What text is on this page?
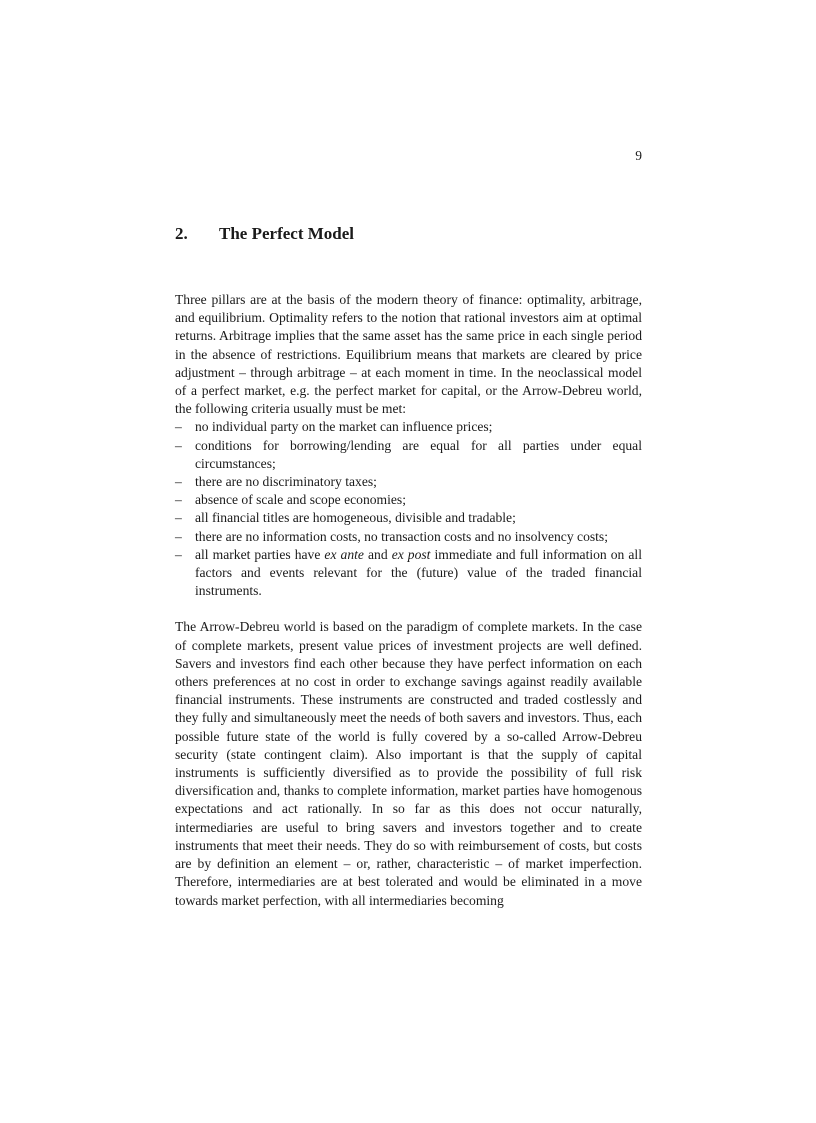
9
2. The Perfect Model

Three pillars are at the basis of the modern theory of finance: optimality, arbitrage, and equilibrium. Optimality refers to the notion that rational investors aim at optimal returns. Arbitrage implies that the same asset has the same price in each single period in the absence of restrictions. Equilibrium means that markets are cleared by price adjustment – through arbitrage – at each moment in time. In the neoclassical model of a perfect market, e.g. the perfect market for capital, or the Arrow-Debreu world, the following criteria usually must be met:

– no individual party on the market can influence prices;
– conditions for borrowing/lending are equal for all parties under equal circumstances;
– there are no discriminatory taxes;
– absence of scale and scope economies;
– all financial titles are homogeneous, divisible and tradable;
– there are no information costs, no transaction costs and no insolvency costs;
– all market parties have ex ante and ex post immediate and full information on all factors and events relevant for the (future) value of the traded financial instruments.

The Arrow-Debreu world is based on the paradigm of complete markets. In the case of complete markets, present value prices of investment projects are well defined. Savers and investors find each other because they have perfect information on each others preferences at no cost in order to exchange savings against readily available financial instruments. These instruments are constructed and traded costlessly and they fully and simultaneously meet the needs of both savers and investors. Thus, each possible future state of the world is fully covered by a so-called Arrow-Debreu security (state contingent claim). Also important is that the supply of capital instruments is sufficiently diversified as to provide the possibility of full risk diversification and, thanks to complete information, market parties have homogenous expectations and act rationally. In so far as this does not occur naturally, intermediaries are useful to bring savers and investors together and to create instruments that meet their needs. They do so with reimbursement of costs, but costs are by definition an element – or, rather, characteristic – of market imperfection. Therefore, intermediaries are at best tolerated and would be eliminated in a move towards market perfection, with all intermediaries becoming
